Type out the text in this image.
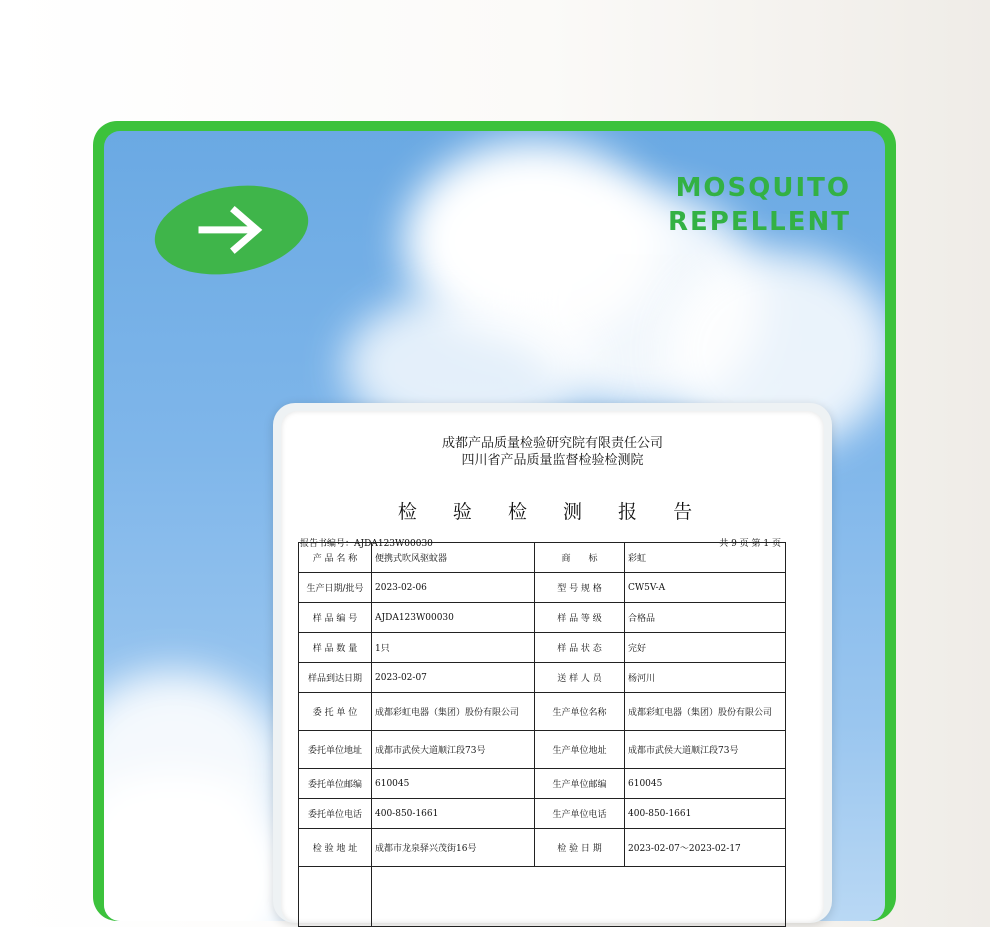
MOSQUITO
REPELLENT
成都产品质量检验研究院有限责任公司
四川省产品质量监督检验检测院
检 验 检 测 报 告
报告书编号：AJDA123W00030	共 9 页 第 1 页
产 品 名 称	便携式吹风驱蚊器	商　　标	彩虹
生产日期/批号	2023-02-06	型 号 规 格	CW5V-A
样 品 编 号	AJDA123W00030	样 品 等 级	合格品
样 品 数 量	1只	样 品 状 态	完好
样品到达日期	2023-02-07	送 样 人 员	杨河川
委 托 单 位	成都彩虹电器（集团）股份有限公司	生产单位名称	成都彩虹电器（集团）股份有限公司
委托单位地址	成都市武侯大道顺江段73号	生产单位地址	成都市武侯大道顺江段73号
委托单位邮编	610045	生产单位邮编	610045
委托单位电话	400-850-1661	生产单位电话	400-850-1661
检 验 地 址	成都市龙泉驿兴茂街16号	检 验 日 期	2023-02-07～2023-02-17
